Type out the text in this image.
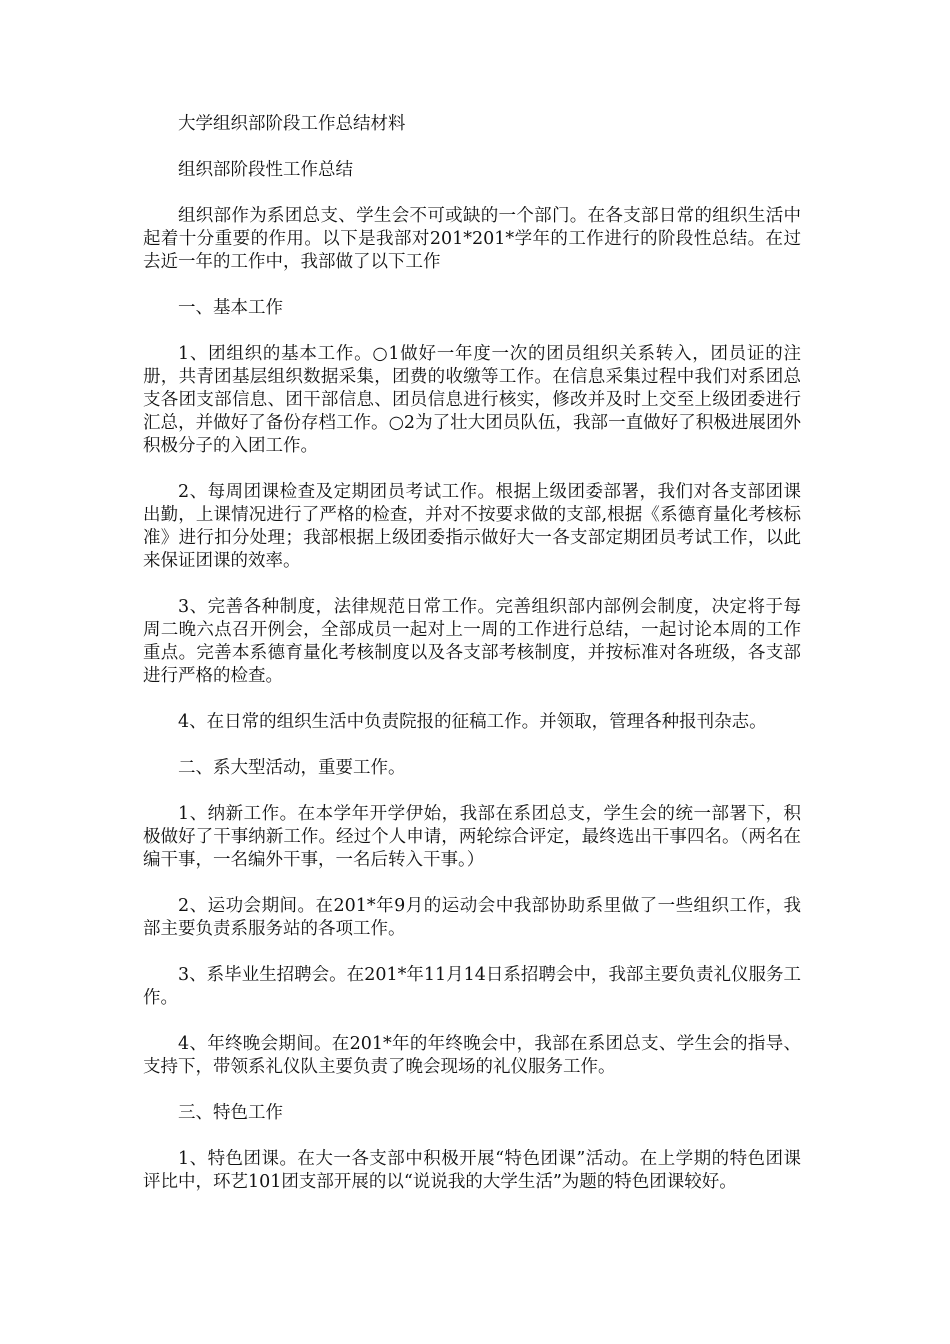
大学组织部阶段工作总结材料

组织部阶段性工作总结

组织部作为系团总支、学生会不可或缺的一个部门。在各支部日常的组织生活中起着十分重要的作用。以下是我部对201*201*学年的工作进行的阶段性总结。在过去近一年的工作中，我部做了以下工作

一、基本工作

1、团组织的基本工作。○1做好一年度一次的团员组织关系转入，团员证的注册，共青团基层组织数据采集，团费的收缴等工作。在信息采集过程中我们对系团总支各团支部信息、团干部信息、团员信息进行核实，修改并及时上交至上级团委进行汇总，并做好了备份存档工作。○2为了壮大团员队伍，我部一直做好了积极进展团外积极分子的入团工作。

2、每周团课检查及定期团员考试工作。根据上级团委部署，我们对各支部团课出勤，上课情况进行了严格的检查，并对不按要求做的支部,根据《系德育量化考核标准》进行扣分处理；我部根据上级团委指示做好大一各支部定期团员考试工作，以此来保证团课的效率。

3、完善各种制度，法律规范日常工作。完善组织部内部例会制度，决定将于每周二晚六点召开例会，全部成员一起对上一周的工作进行总结，一起讨论本周的工作重点。完善本系德育量化考核制度以及各支部考核制度，并按标准对各班级，各支部进行严格的检查。

4、在日常的组织生活中负责院报的征稿工作。并领取，管理各种报刊杂志。

二、系大型活动，重要工作。

1、纳新工作。在本学年开学伊始，我部在系团总支，学生会的统一部署下，积极做好了干事纳新工作。经过个人申请，两轮综合评定，最终选出干事四名。（两名在编干事，一名编外干事，一名后转入干事。）

2、运功会期间。在201*年9月的运动会中我部协助系里做了一些组织工作，我部主要负责系服务站的各项工作。

3、系毕业生招聘会。在201*年11月14日系招聘会中，我部主要负责礼仪服务工作。

4、年终晚会期间。在201*年的年终晚会中，我部在系团总支、学生会的指导、支持下，带领系礼仪队主要负责了晚会现场的礼仪服务工作。

三、特色工作

1、特色团课。在大一各支部中积极开展“特色团课”活动。在上学期的特色团课评比中，环艺101团支部开展的以“说说我的大学生活”为题的特色团课较好。
